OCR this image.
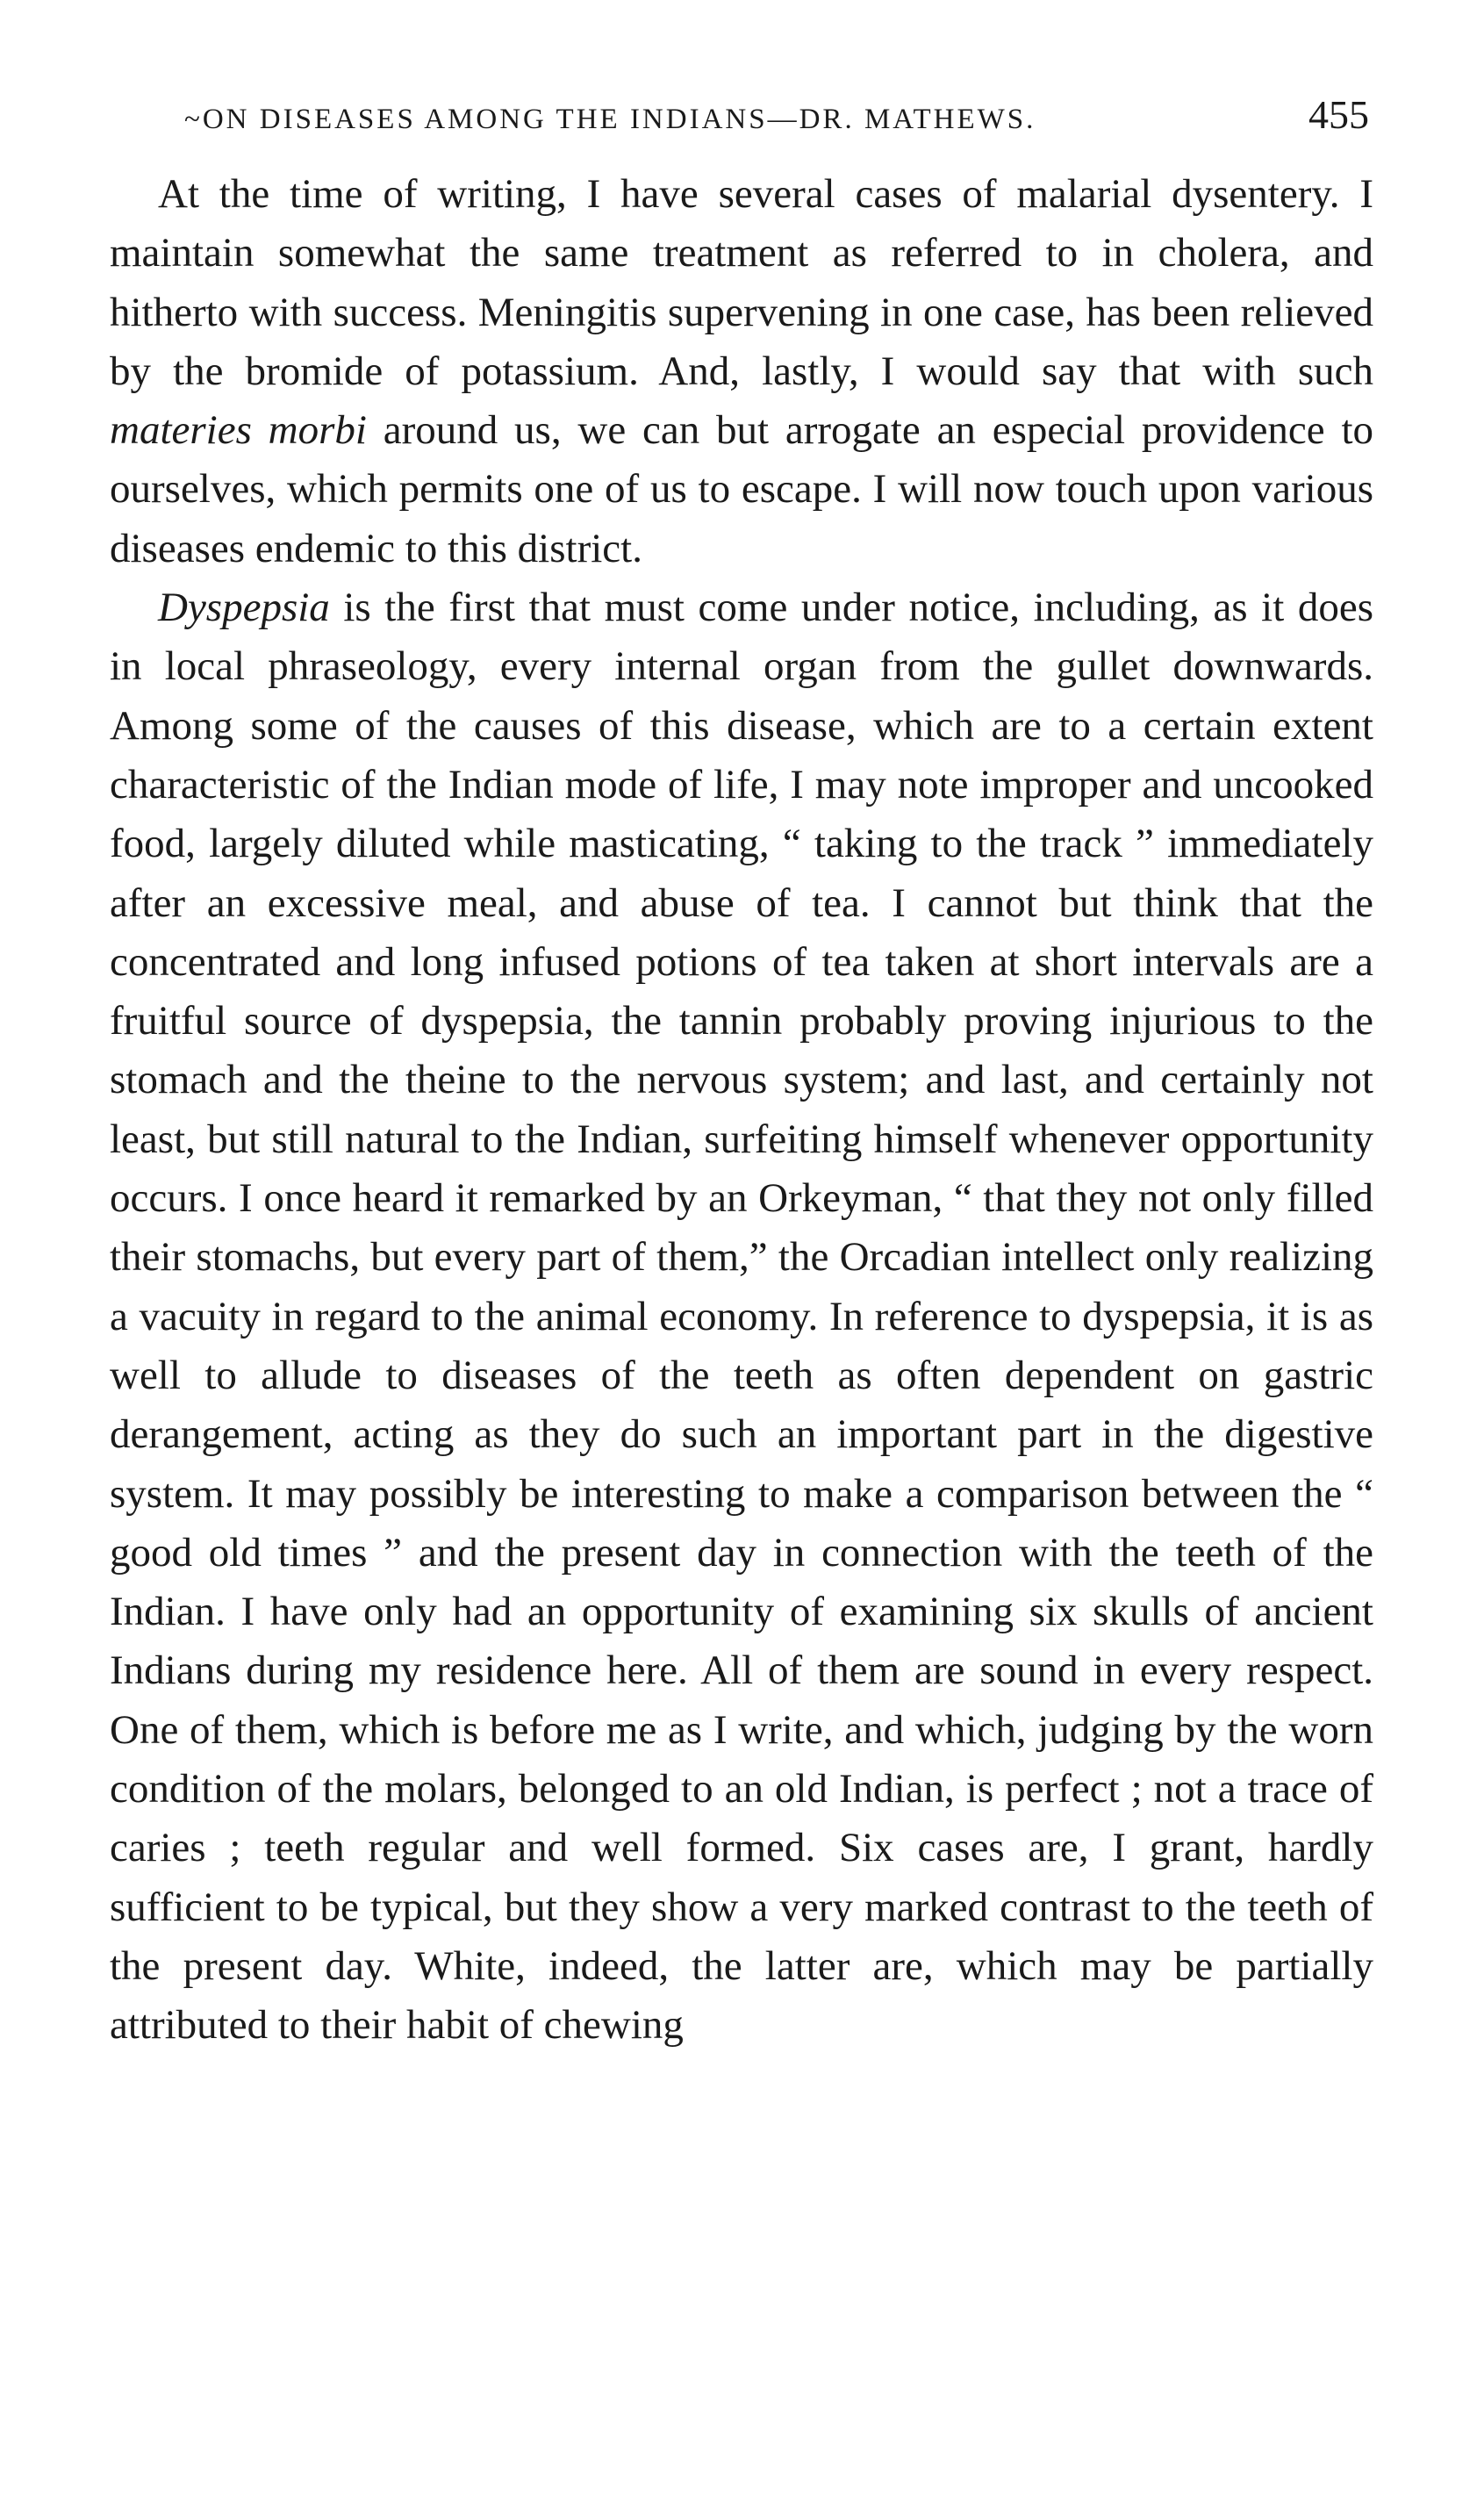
~ON DISEASES AMONG THE INDIANS—DR. MATHEWS.	455

At the time of writing, I have several cases of malarial dysentery. I maintain somewhat the same treatment as referred to in cholera, and hitherto with success. Meningitis supervening in one case, has been relieved by the bromide of potassium. And, lastly, I would say that with such materies morbi around us, we can but arrogate an especial providence to ourselves, which permits one of us to escape. I will now touch upon various diseases endemic to this district.

Dyspepsia is the first that must come under notice, including, as it does in local phraseology, every internal organ from the gullet downwards. Among some of the causes of this disease, which are to a certain extent characteristic of the Indian mode of life, I may note improper and uncooked food, largely diluted while masticating, “ taking to the track ” immediately after an excessive meal, and abuse of tea. I cannot but think that the concentrated and long infused potions of tea taken at short intervals are a fruitful source of dyspepsia, the tannin probably proving injurious to the stomach and the theine to the nervous system; and last, and certainly not least, but still natural to the Indian, surfeiting himself whenever opportunity occurs. I once heard it remarked by an Orkeyman, “ that they not only filled their stomachs, but every part of them,” the Orcadian intellect only realizing a vacuity in regard to the animal economy. In reference to dyspepsia, it is as well to allude to diseases of the teeth as often dependent on gastric derangement, acting as they do such an important part in the digestive system. It may possibly be interesting to make a comparison between the “ good old times ” and the present day in connection with the teeth of the Indian. I have only had an opportunity of examining six skulls of ancient Indians during my residence here. All of them are sound in every respect. One of them, which is before me as I write, and which, judging by the worn condition of the molars, belonged to an old Indian, is perfect ; not a trace of caries ; teeth regular and well formed. Six cases are, I grant, hardly sufficient to be typical, but they show a very marked contrast to the teeth of the present day. White, indeed, the latter are, which may be partially attributed to their habit of chewing
